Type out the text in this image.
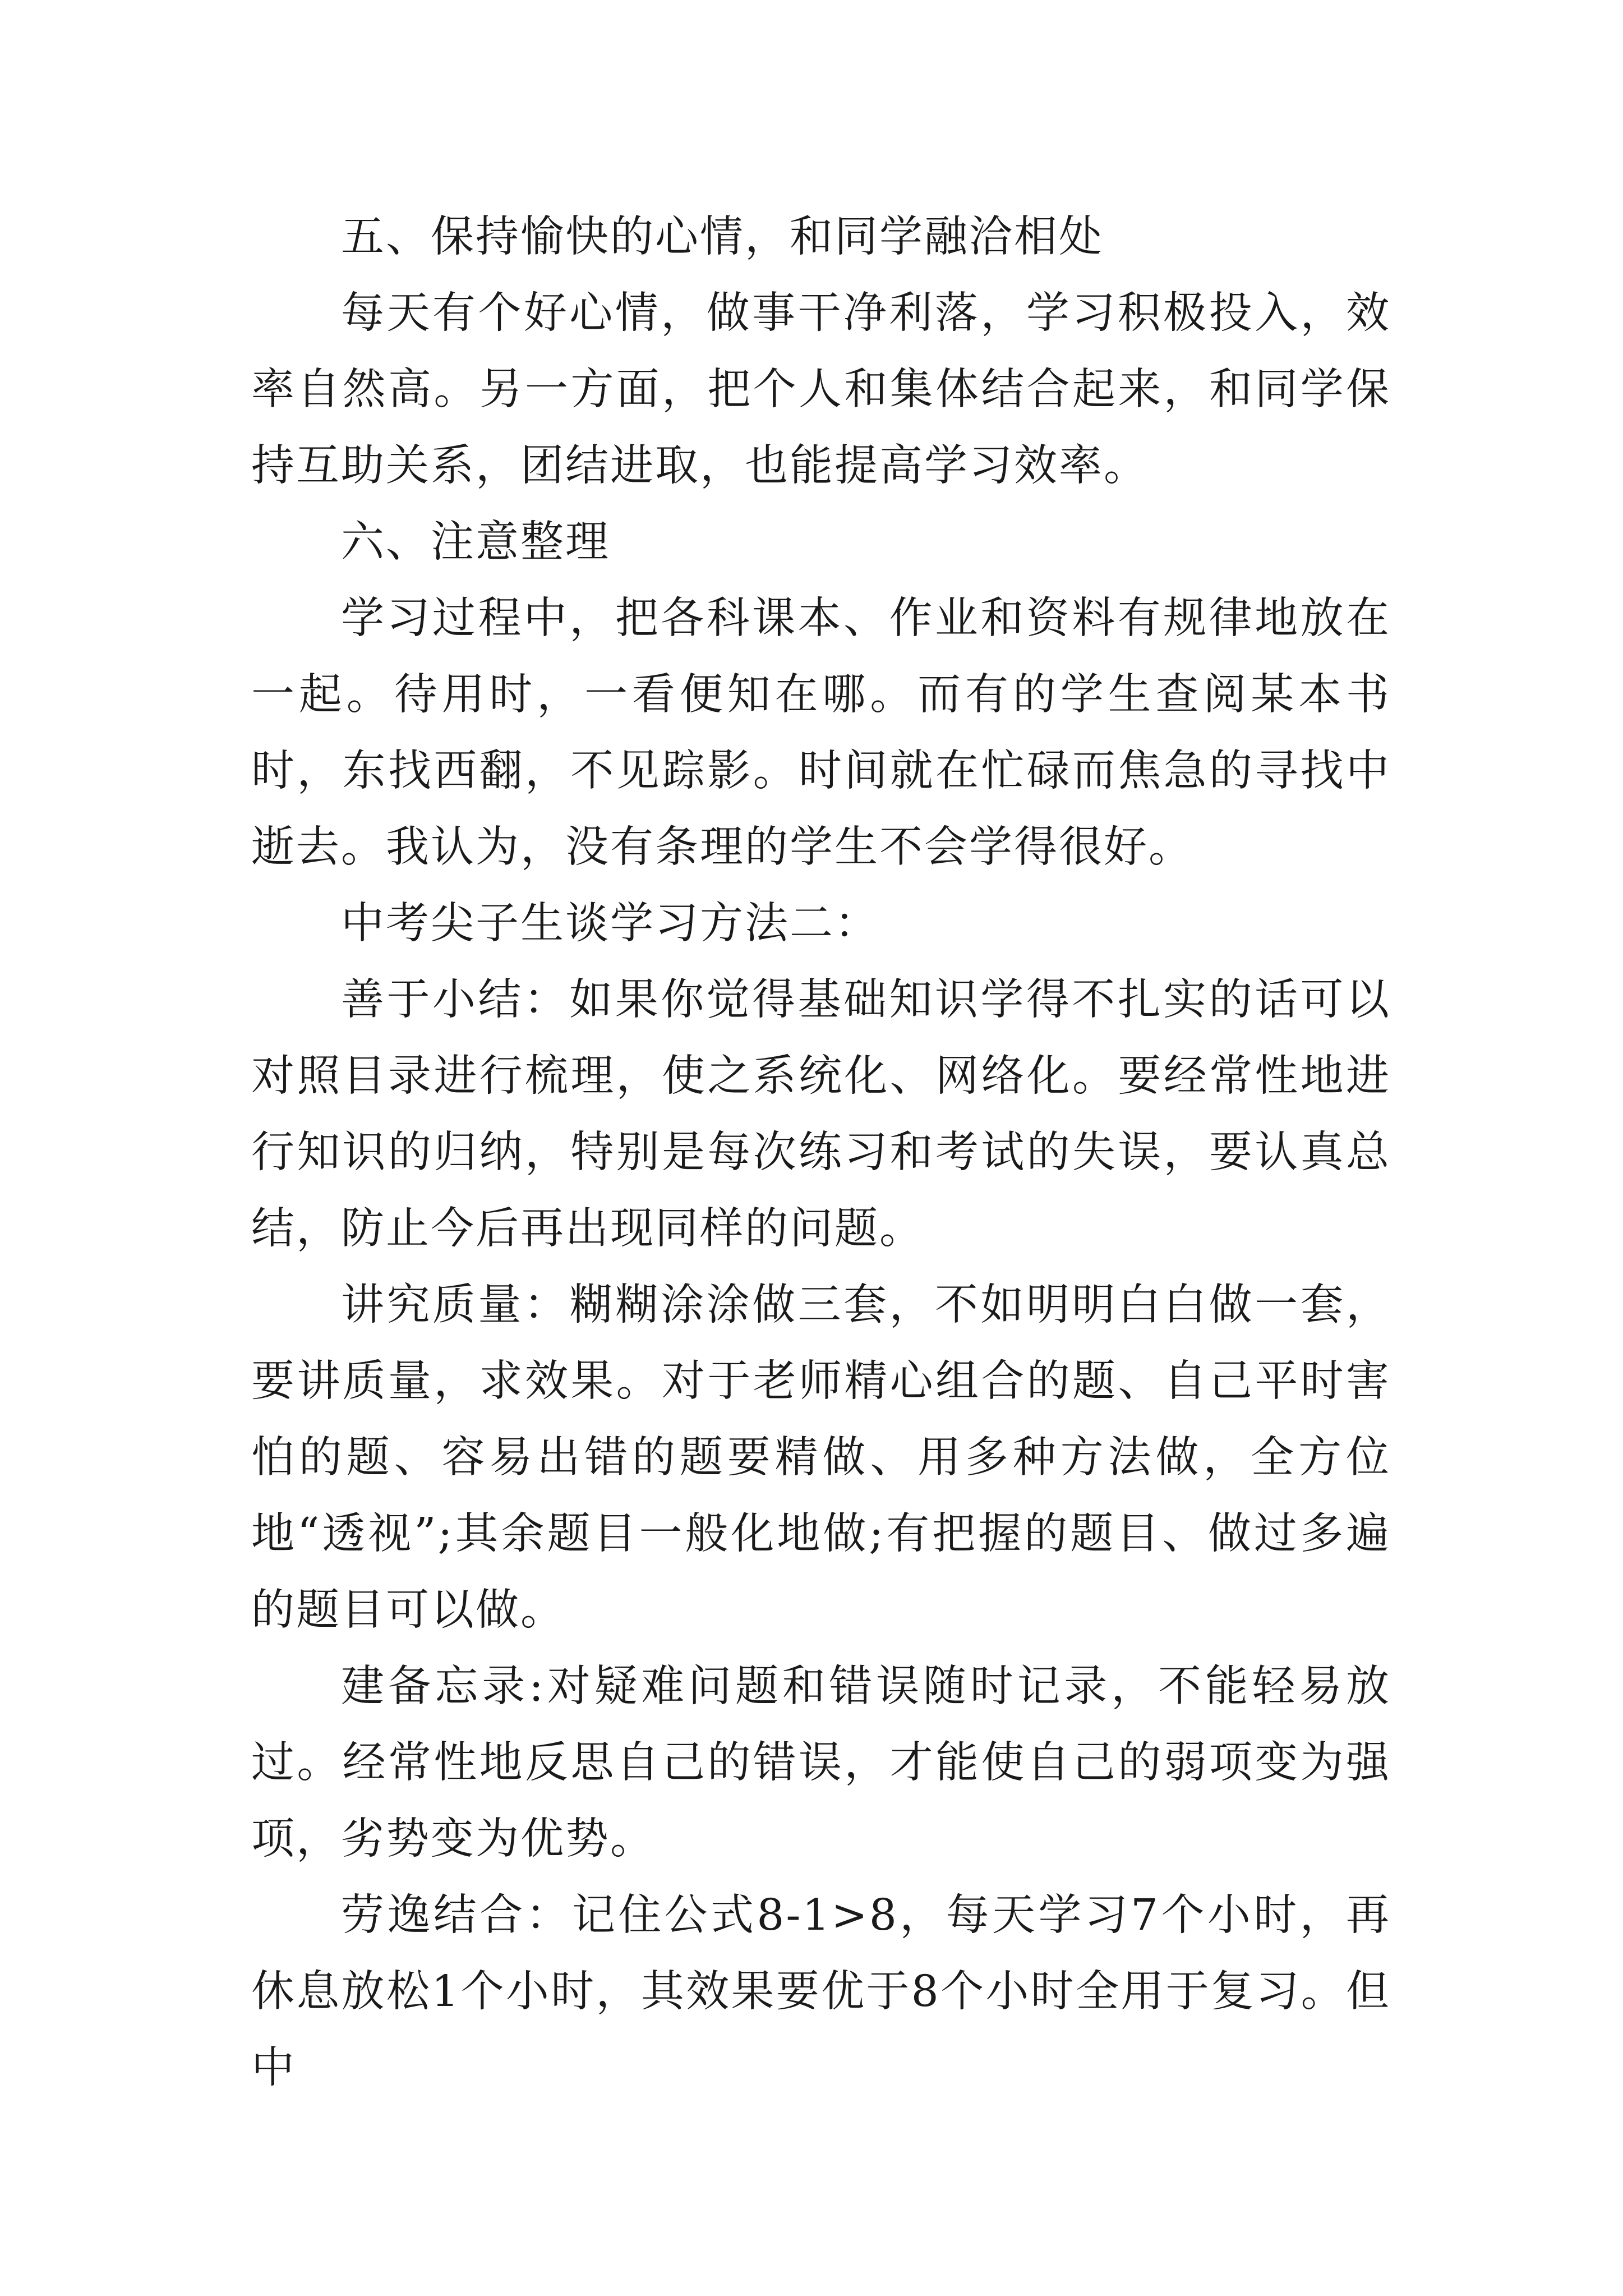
五、保持愉快的心情，和同学融洽相处

每天有个好心情，做事干净利落，学习积极投入，效率自然高。另一方面，把个人和集体结合起来，和同学保持互助关系，团结进取，也能提高学习效率。

六、注意整理

学习过程中，把各科课本、作业和资料有规律地放在一起。待用时，一看便知在哪。而有的学生查阅某本书时，东找西翻，不见踪影。时间就在忙碌而焦急的寻找中逝去。我认为，没有条理的学生不会学得很好。

中考尖子生谈学习方法二：

善于小结：如果你觉得基础知识学得不扎实的话可以对照目录进行梳理，使之系统化、网络化。要经常性地进行知识的归纳，特别是每次练习和考试的失误，要认真总结，防止今后再出现同样的问题。

讲究质量：糊糊涂涂做三套，不如明明白白做一套，要讲质量，求效果。对于老师精心组合的题、自己平时害怕的题、容易出错的题要精做、用多种方法做，全方位地“透视”;其余题目一般化地做;有把握的题目、做过多遍的题目可以做。

建备忘录:对疑难问题和错误随时记录，不能轻易放过。经常性地反思自己的错误，才能使自己的弱项变为强项，劣势变为优势。

劳逸结合：记住公式8-1>8，每天学习7个小时，再休息放松1个小时，其效果要优于8个小时全用于复习。但中
